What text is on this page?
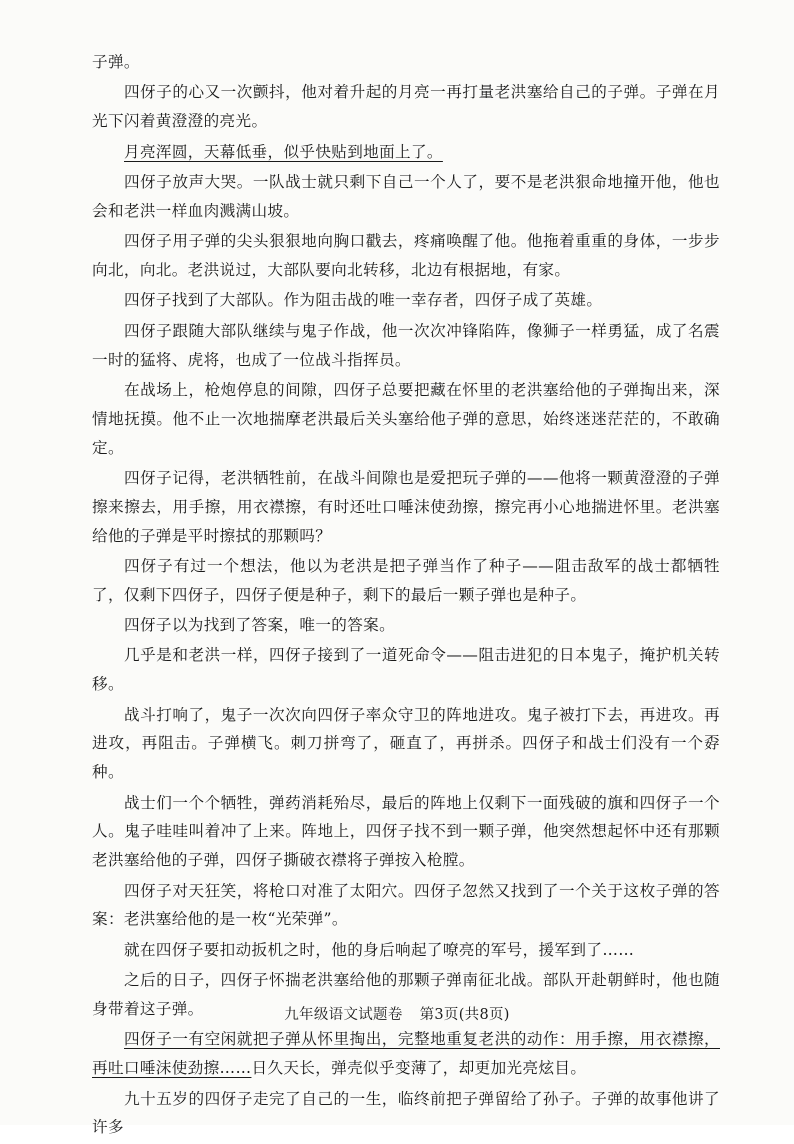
子弹。

四伢子的心又一次颤抖，他对着升起的月亮一再打量老洪塞给自己的子弹。子弹在月光下闪着黄澄澄的亮光。

月亮浑圆，天幕低垂，似乎快贴到地面上了。

四伢子放声大哭。一队战士就只剩下自己一个人了，要不是老洪狠命地撞开他，他也会和老洪一样血肉溅满山坡。

四伢子用子弹的尖头狠狠地向胸口戳去，疼痛唤醒了他。他拖着重重的身体，一步步向北，向北。老洪说过，大部队要向北转移，北边有根据地，有家。

四伢子找到了大部队。作为阻击战的唯一幸存者，四伢子成了英雄。

四伢子跟随大部队继续与鬼子作战，他一次次冲锋陷阵，像狮子一样勇猛，成了名震一时的猛将、虎将，也成了一位战斗指挥员。

在战场上，枪炮停息的间隙，四伢子总要把藏在怀里的老洪塞给他的子弹掏出来，深情地抚摸。他不止一次地揣摩老洪最后关头塞给他子弹的意思，始终迷迷茫茫的，不敢确定。

四伢子记得，老洪牺牲前，在战斗间隙也是爱把玩子弹的——他将一颗黄澄澄的子弹擦来擦去，用手擦，用衣襟擦，有时还吐口唾沫使劲擦，擦完再小心地揣进怀里。老洪塞给他的子弹是平时擦拭的那颗吗？

四伢子有过一个想法，他以为老洪是把子弹当作了种子——阻击敌军的战士都牺牲了，仅剩下四伢子，四伢子便是种子，剩下的最后一颗子弹也是种子。

四伢子以为找到了答案，唯一的答案。

几乎是和老洪一样，四伢子接到了一道死命令——阻击进犯的日本鬼子，掩护机关转移。

战斗打响了，鬼子一次次向四伢子率众守卫的阵地进攻。鬼子被打下去，再进攻。再进攻，再阻击。子弹横飞。刺刀拼弯了，砸直了，再拼杀。四伢子和战士们没有一个孬种。

战士们一个个牺牲，弹药消耗殆尽，最后的阵地上仅剩下一面残破的旗和四伢子一个人。鬼子哇哇叫着冲了上来。阵地上，四伢子找不到一颗子弹，他突然想起怀中还有那颗老洪塞给他的子弹，四伢子撕破衣襟将子弹按入枪膛。

四伢子对天狂笑，将枪口对准了太阳穴。四伢子忽然又找到了一个关于这枚子弹的答案：老洪塞给他的是一枚“光荣弹”。

就在四伢子要扣动扳机之时，他的身后响起了嘹亮的军号，援军到了……

之后的日子，四伢子怀揣老洪塞给他的那颗子弹南征北战。部队开赴朝鲜时，他也随身带着这子弹。

四伢子一有空闲就把子弹从怀里掏出，完整地重复老洪的动作：用手擦，用衣襟擦，再吐口唾沫使劲擦……日久天长，弹壳似乎变薄了，却更加光亮炫目。

九十五岁的四伢子走完了自己的一生，临终前把子弹留给了孙子。子弹的故事他讲了许多

九年级语文试题卷 第3页(共8页)
